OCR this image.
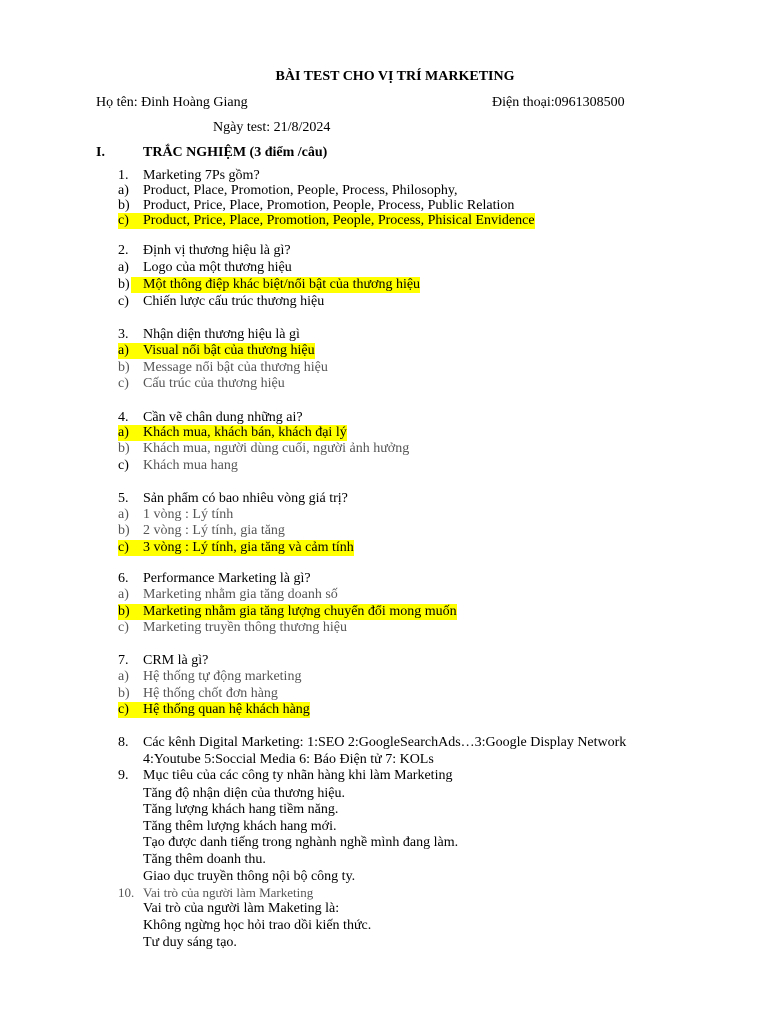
BÀI TEST CHO VỊ TRÍ MARKETING
Họ tên: Đinh Hoàng Giang	Điện thoại:0961308500
Ngày test: 21/8/2024
I.	TRẮC NGHIỆM (3 điểm /câu)
1. Marketing 7Ps gồm?
a) Product, Place, Promotion, People, Process, Philosophy,
b) Product, Price, Place, Promotion, People, Process, Public Relation
c)	Product, Price, Place, Promotion, People, Process, Phisical Envidence
2. Định vị thương hiệu là gì?
a) Logo của một thương hiệu
b) Một thông điệp khác biệt/nổi bật của thương hiệu
c) Chiến lược cấu trúc thương hiệu
3. Nhận diện thương hiệu là gì
a)	Visual nổi bật của thương hiệu
b) Message nổi bật của thương hiệu
c) Cấu trúc của thương hiệu
4. Cần vẽ chân dung những ai?
a)	Khách mua, khách bán, khách đại lý
b) Khách mua, người dùng cuối, người ảnh hưởng
c) Khách mua hang
5. Sản phẩm có bao nhiêu vòng giá trị?
a) 1 vòng : Lý tính
b) 2 vòng : Lý tính, gia tăng
c)	3 vòng : Lý tính, gia tăng và cảm tính
6. Performance Marketing là gì?
a) Marketing nhằm gia tăng doanh số
b) Marketing nhằm gia tăng lượng chuyển đổi mong muốn
c) Marketing truyền thông thương hiệu
7. CRM là gì?
a) Hệ thống tự động marketing
b) Hệ thống chốt đơn hàng
c)	Hệ thống quan hệ khách hàng
8. Các kênh Digital Marketing: 1:SEO 2:GoogleSearchAds…3:Google Display Network
4:Youtube 5:Soccial Media 6: Báo Điện tử 7: KOLs
9. Mục tiêu của các công ty nhãn hàng khi làm Marketing
Tăng độ nhận diện của thương hiệu.
Tăng lượng khách hang tiềm năng.
Tăng thêm lượng khách hang mới.
Tạo được danh tiếng trong nghành nghề mình đang làm.
Tăng thêm doanh thu.
Giao dục truyền thông nội bộ công ty.
10. Vai trò của người làm Marketing
Vai trò của người làm Maketing là:
Không ngừng học hỏi trao dồi kiến thức.
Tư duy sáng tạo.
